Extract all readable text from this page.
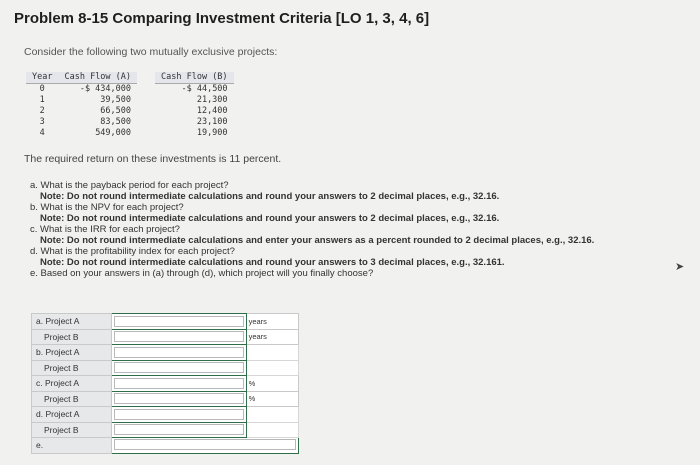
Problem 8-15 Comparing Investment Criteria [LO 1, 3, 4, 6]
Consider the following two mutually exclusive projects:
Year	Cash Flow (A)		Cash Flow (B)
0	-$ 434,000		-$ 44,500
1	39,500		21,300
2	66,500		12,400
3	83,500		23,100
4	549,000		19,900
The required return on these investments is 11 percent.
a. What is the payback period for each project?
Note: Do not round intermediate calculations and round your answers to 2 decimal places, e.g., 32.16.
b. What is the NPV for each project?
Note: Do not round intermediate calculations and round your answers to 2 decimal places, e.g., 32.16.
c. What is the IRR for each project?
Note: Do not round intermediate calculations and enter your answers as a percent rounded to 2 decimal places, e.g., 32.16.
d. What is the profitability index for each project?
Note: Do not round intermediate calculations and round your answers to 3 decimal places, e.g., 32.161.
e. Based on your answers in (a) through (d), which project will you finally choose?
a. Project A		years
Project B		years
b. Project A		
Project B		
c. Project A		%
Project B		%
d. Project A		
Project B		
e.	
➤
